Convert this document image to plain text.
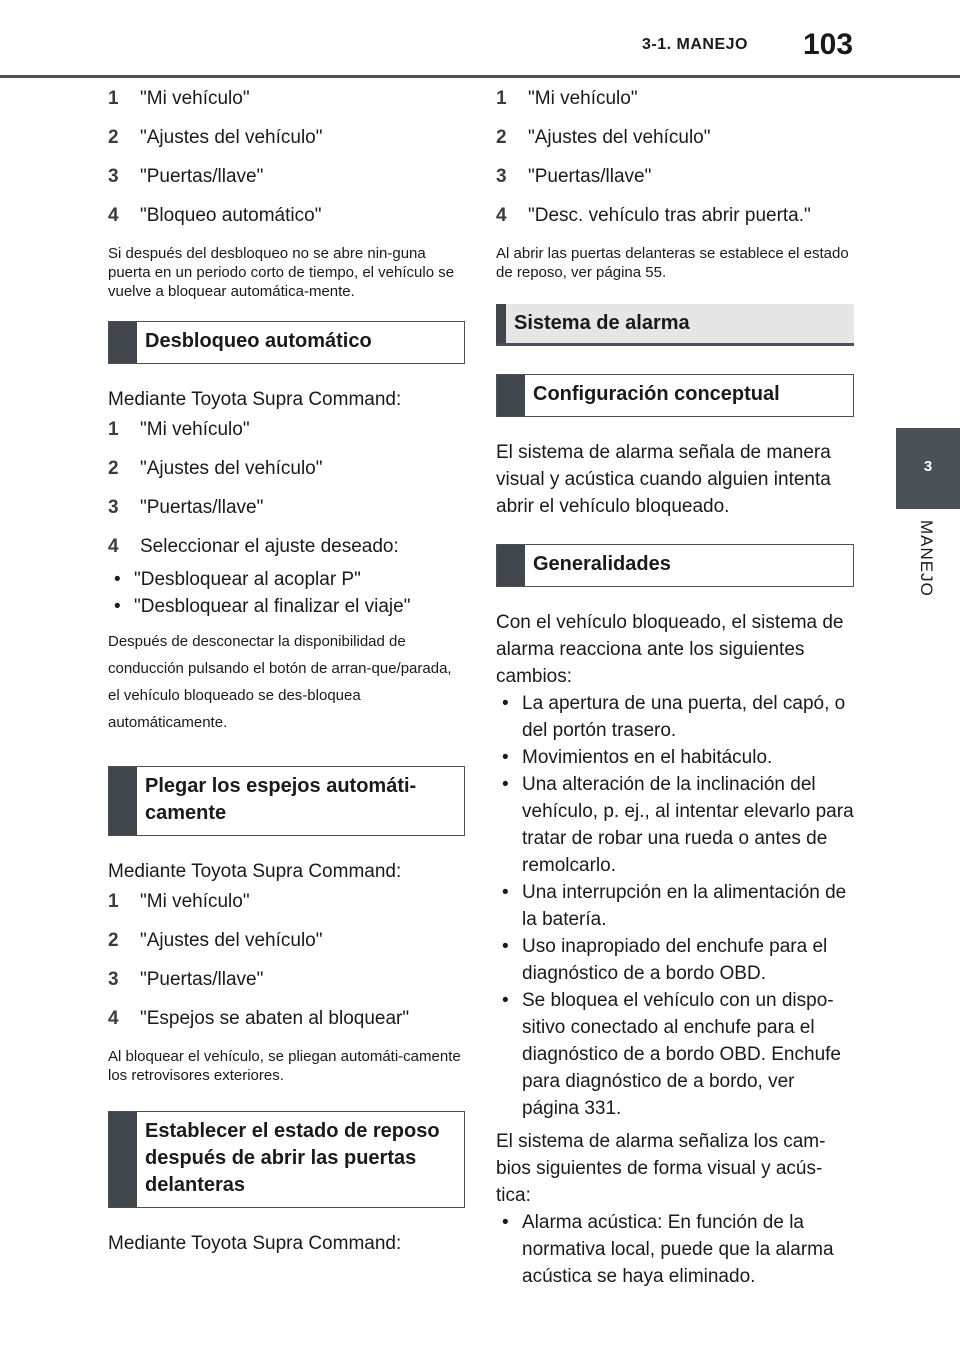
3-1. MANEJO 103
3
MANEJO
1	"Mi vehículo"
2	"Ajustes del vehículo"
3	"Puertas/llave"
4	"Bloqueo automático"
Si después del desbloqueo no se abre nin-guna puerta en un periodo corto de tiempo, el vehículo se vuelve a bloquear automática-mente.
Desbloqueo automático
Mediante Toyota Supra Command:
1	"Mi vehículo"
2	"Ajustes del vehículo"
3	"Puertas/llave"
4	Seleccionar el ajuste deseado:
• "Desbloquear al acoplar P"
• "Desbloquear al finalizar el viaje"
Después de desconectar la disponibilidad de conducción pulsando el botón de arran-que/parada, el vehículo bloqueado se des-bloquea automáticamente.
Plegar los espejos automáti-camente
Mediante Toyota Supra Command:
1	"Mi vehículo"
2	"Ajustes del vehículo"
3	"Puertas/llave"
4	"Espejos se abaten al bloquear"
Al bloquear el vehículo, se pliegan automáti-camente los retrovisores exteriores.
Establecer el estado de reposo después de abrir las puertas delanteras
Mediante Toyota Supra Command:
1	"Mi vehículo"
2	"Ajustes del vehículo"
3	"Puertas/llave"
4	"Desc. vehículo tras abrir puerta."
Al abrir las puertas delanteras se establece el estado de reposo, ver página 55.
Sistema de alarma
Configuración conceptual
El sistema de alarma señala de manera visual y acústica cuando alguien intenta abrir el vehículo bloqueado.
Generalidades
Con el vehículo bloqueado, el sistema de alarma reacciona ante los siguientes cambios:
• La apertura de una puerta, del capó, o del portón trasero.
• Movimientos en el habitáculo.
• Una alteración de la inclinación del vehículo, p. ej., al intentar elevarlo para tratar de robar una rueda o antes de remolcarlo.
• Una interrupción en la alimentación de la batería.
• Uso inapropiado del enchufe para el diagnóstico de a bordo OBD.
• Se bloquea el vehículo con un dispo-sitivo conectado al enchufe para el diagnóstico de a bordo OBD. Enchufe para diagnóstico de a bordo, ver página 331.
El sistema de alarma señaliza los cam-bios siguientes de forma visual y acús-tica:
• Alarma acústica: En función de la normativa local, puede que la alarma acústica se haya eliminado.
